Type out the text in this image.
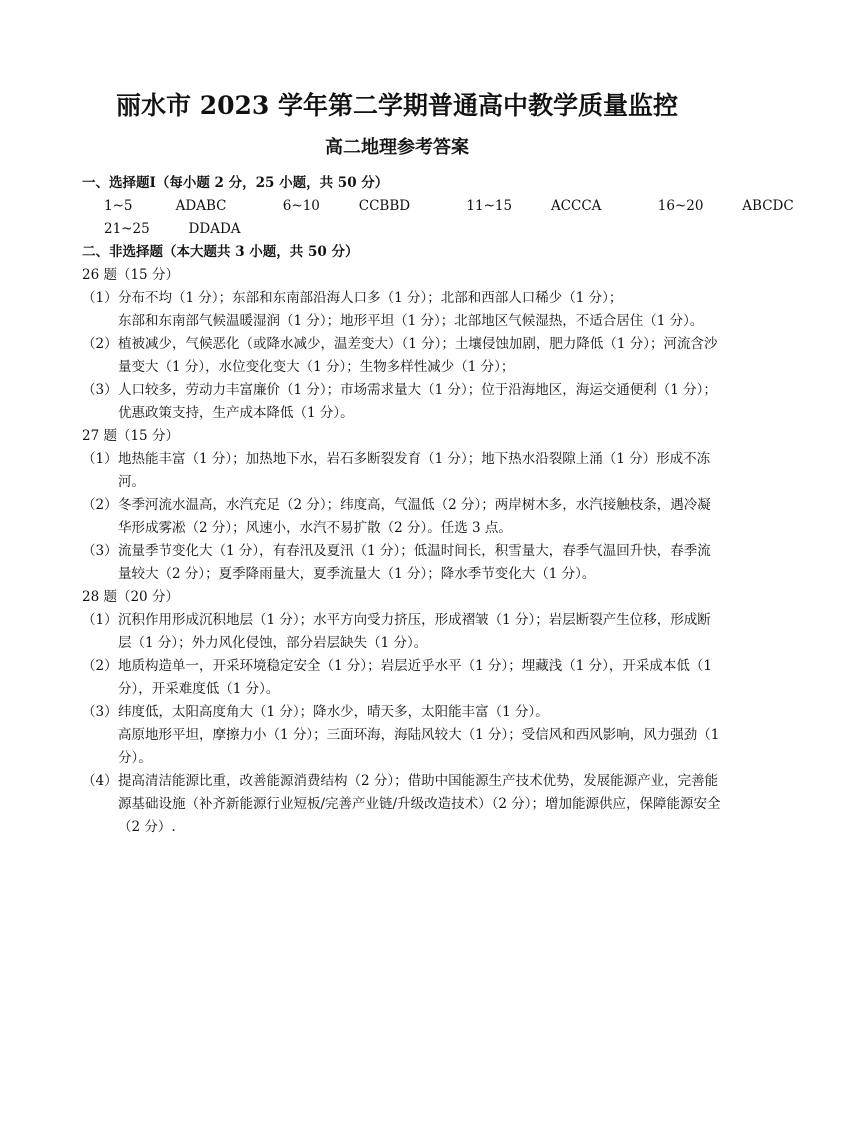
丽水市 2023 学年第二学期普通高中教学质量监控
高二地理参考答案
一、选择题Ⅰ（每小题 2 分，25 小题，共 50 分）
1~5	ADABC	6~10	CCBBD	11~15	ACCCA	16~20	ABCDC
21~25	DDADA
二、非选择题（本大题共 3 小题，共 50 分）
26 题（15 分）
（1） 分布不均（1 分）；东部和东南部沿海人口多（1 分）；北部和西部人口稀少（1 分）；
东部和东南部气候温暖湿润（1 分）；地形平坦（1 分）；北部地区气候湿热，不适合居住（1 分）。
（2） 植被减少，气候恶化（或降水减少，温差变大）（1 分）；土壤侵蚀加剧，肥力降低（1 分）；河流含沙量变大（1 分），水位变化变大（1 分）；生物多样性减少（1 分）；
（3） 人口较多，劳动力丰富廉价（1 分）；市场需求量大（1 分）；位于沿海地区，海运交通便利（1 分）；优惠政策支持，生产成本降低（1 分）。
27 题（15 分）
（1） 地热能丰富（1 分）；加热地下水，岩石多断裂发育（1 分）；地下热水沿裂隙上涌（1 分）形成不冻河。
（2） 冬季河流水温高，水汽充足（2 分）；纬度高，气温低（2 分）；两岸树木多，水汽接触枝条，遇冷凝华形成雾凇（2 分）；风速小，水汽不易扩散（2 分）。任选 3 点。
（3） 流量季节变化大（1 分），有春汛及夏汛（1 分）；低温时间长，积雪量大，春季气温回升快，春季流量较大（2 分）；夏季降雨量大，夏季流量大（1 分）；降水季节变化大（1 分）。
28 题（20 分）
（1） 沉积作用形成沉积地层（1 分）；水平方向受力挤压，形成褶皱（1 分）；岩层断裂产生位移，形成断层（1 分）；外力风化侵蚀，部分岩层缺失（1 分）。
（2） 地质构造单一，开采环境稳定安全（1 分）；岩层近乎水平（1 分）；埋藏浅（1 分），开采成本低（1 分），开采难度低（1 分）。
（3） 纬度低，太阳高度角大（1 分）；降水少，晴天多，太阳能丰富（1 分）。
高原地形平坦，摩擦力小（1 分）；三面环海，海陆风较大（1 分）；受信风和西风影响，风力强劲（1 分）。
（4） 提高清洁能源比重，改善能源消费结构（2 分）；借助中国能源生产技术优势，发展能源产业，完善能源基础设施（补齐新能源行业短板/完善产业链/升级改造技术）（2 分）；增加能源供应，保障能源安全（2 分）.
